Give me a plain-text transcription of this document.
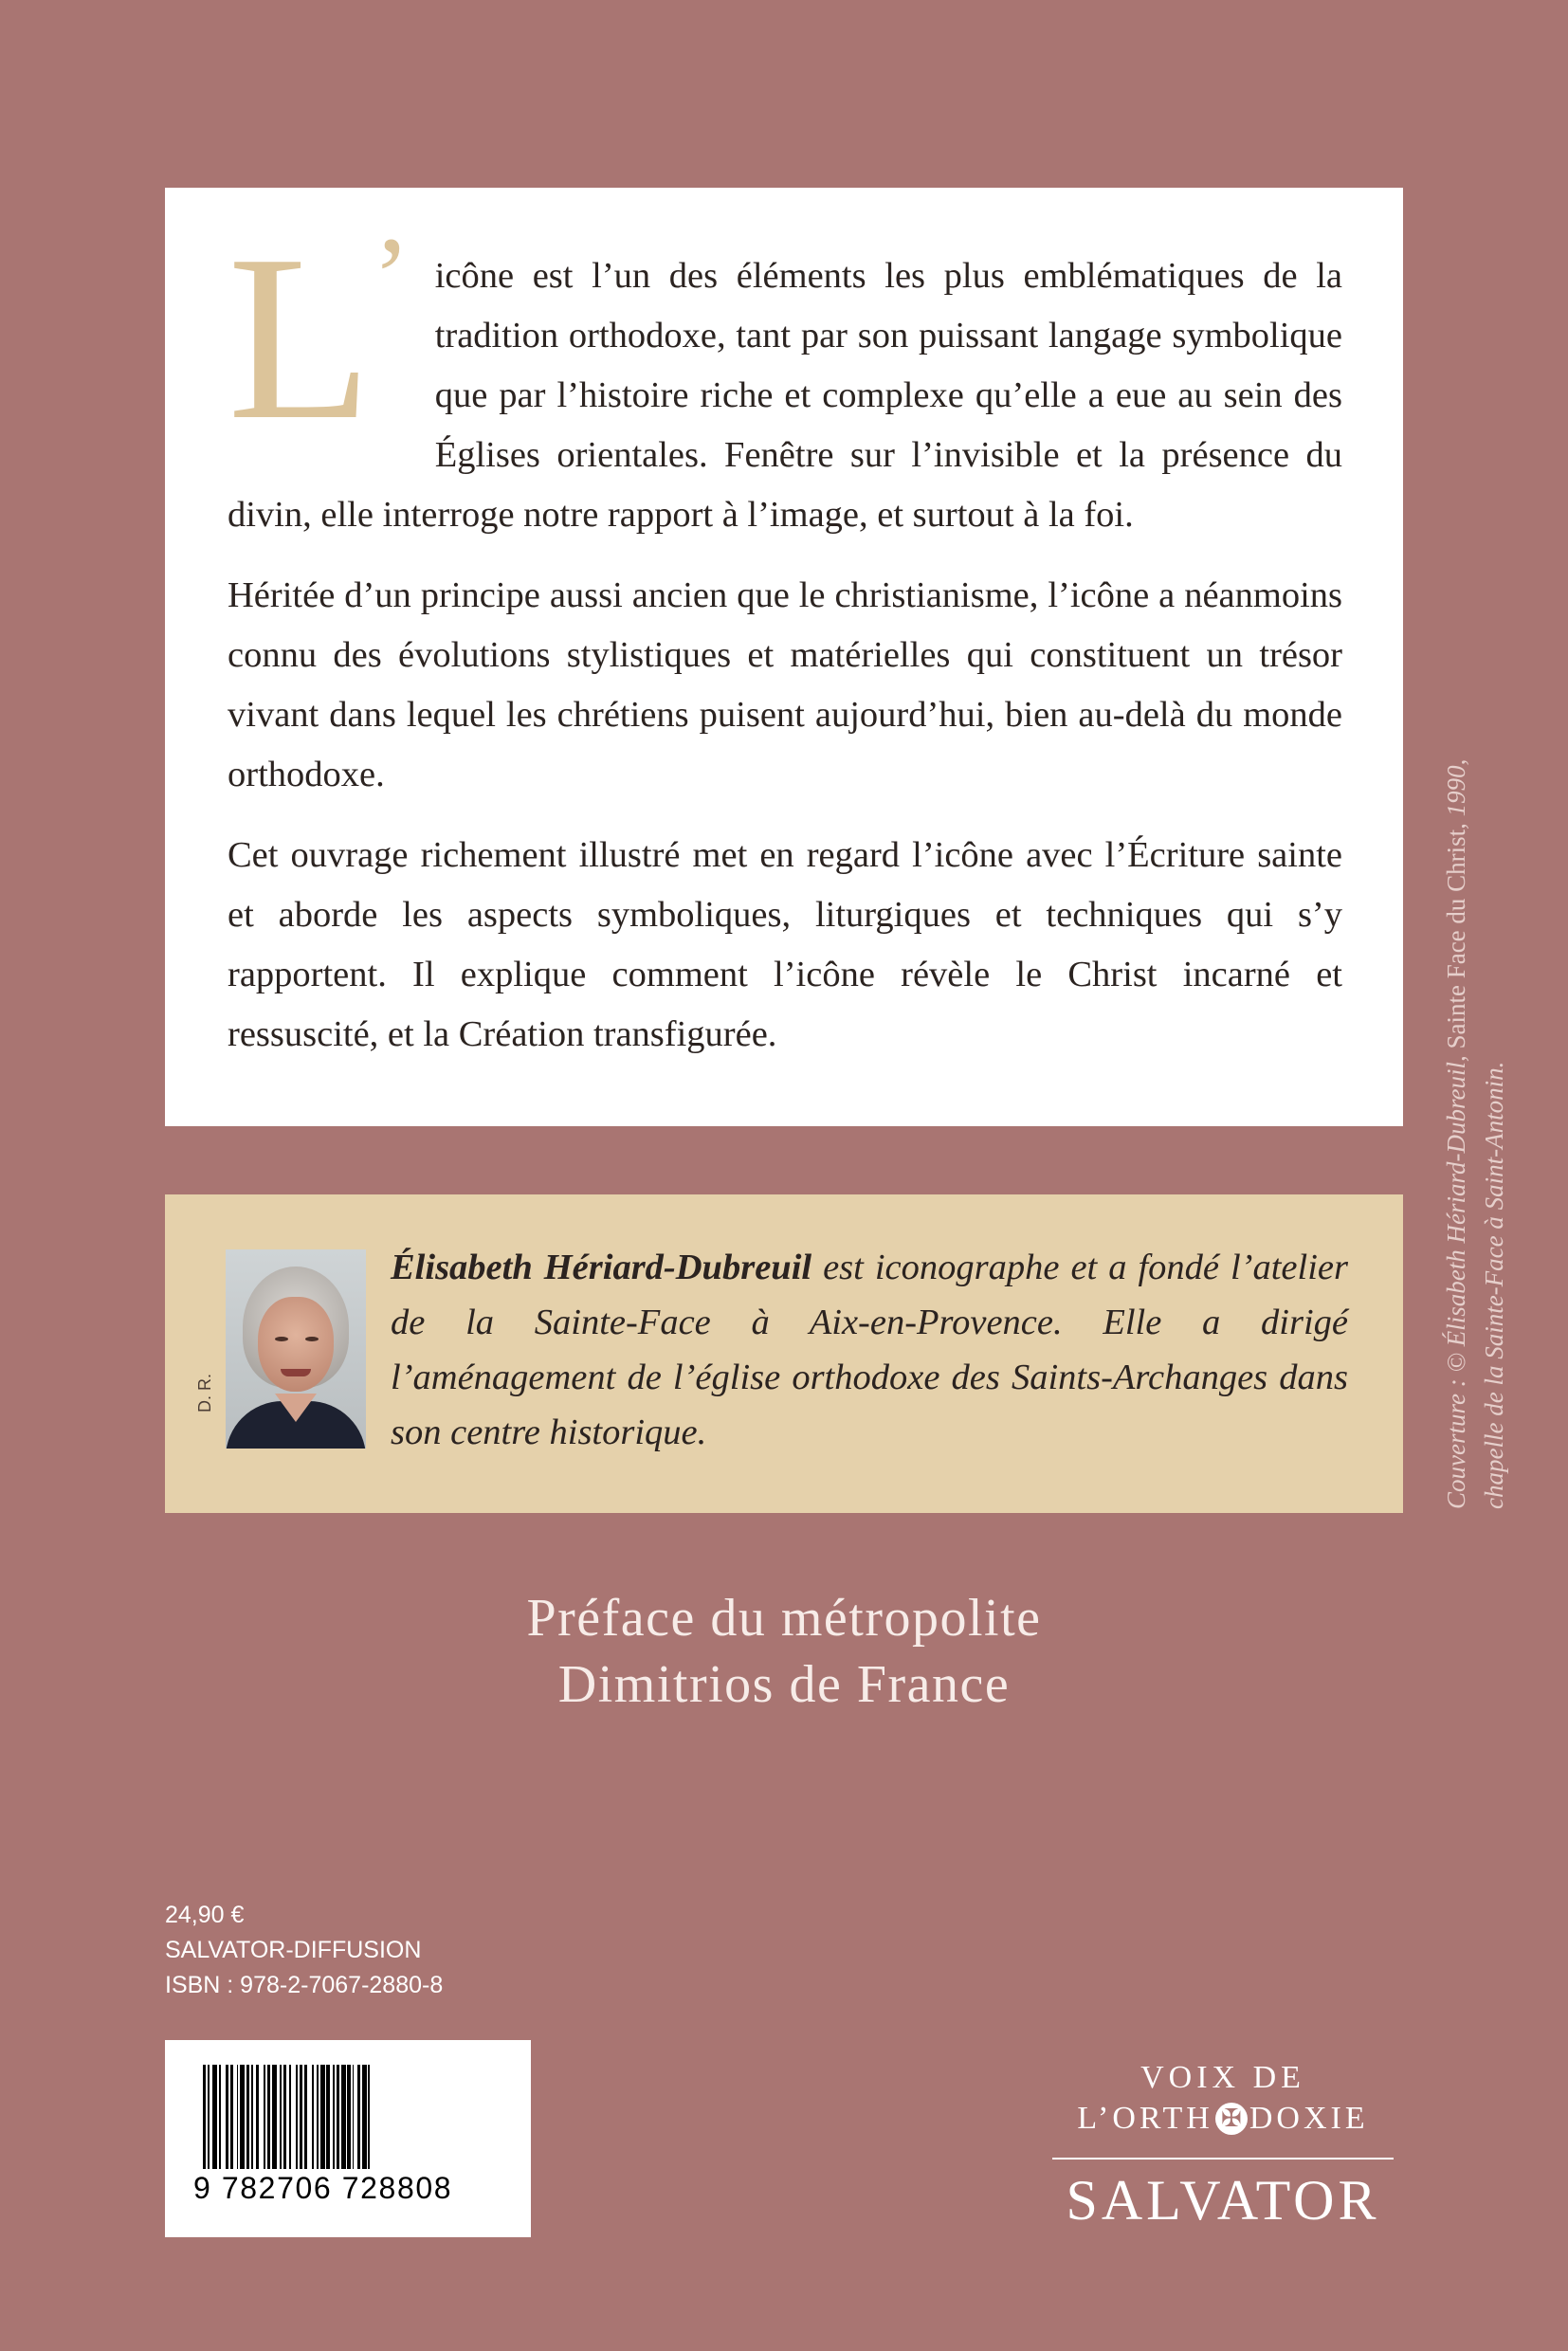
L’ icône est l’un des éléments les plus emblématiques de la tradition orthodoxe, tant par son puissant langage symbolique que par l’histoire riche et complexe qu’elle a eue au sein des Églises orientales. Fenêtre sur l’invisible et la présence du divin, elle interroge notre rapport à l’image, et surtout à la foi.
Héritée d’un principe aussi ancien que le christianisme, l’icône a néanmoins connu des évolutions stylistiques et matérielles qui constituent un trésor vivant dans lequel les chrétiens puisent aujourd’hui, bien au-delà du monde orthodoxe.
Cet ouvrage richement illustré met en regard l’icône avec l’Écriture sainte et aborde les aspects symboliques, liturgiques et techniques qui s’y rapportent. Il explique comment l’icône révèle le Christ incarné et ressuscité, et la Création transfigurée.
D. R.
Élisabeth Hériard-Dubreuil est iconographe et a fondé l’atelier de la Sainte-Face à Aix-en-Provence. Elle a dirigé l’aménagement de l’église orthodoxe des Saints-Archanges dans son centre historique.	Couverture : © Élisabeth Hériard-Dubreuil, Sainte Face du Christ, 1990,
chapelle de la Sainte-Face à Saint-Antonin.
Préface du métropolite
Dimitrios de France
24,90 €
SALVATOR-DIFFUSION
ISBN : 978-2-7067-2880-8
9 782706 728808
VOIX DE
L’ORTH ✠ DOXIE
SALVATOR
